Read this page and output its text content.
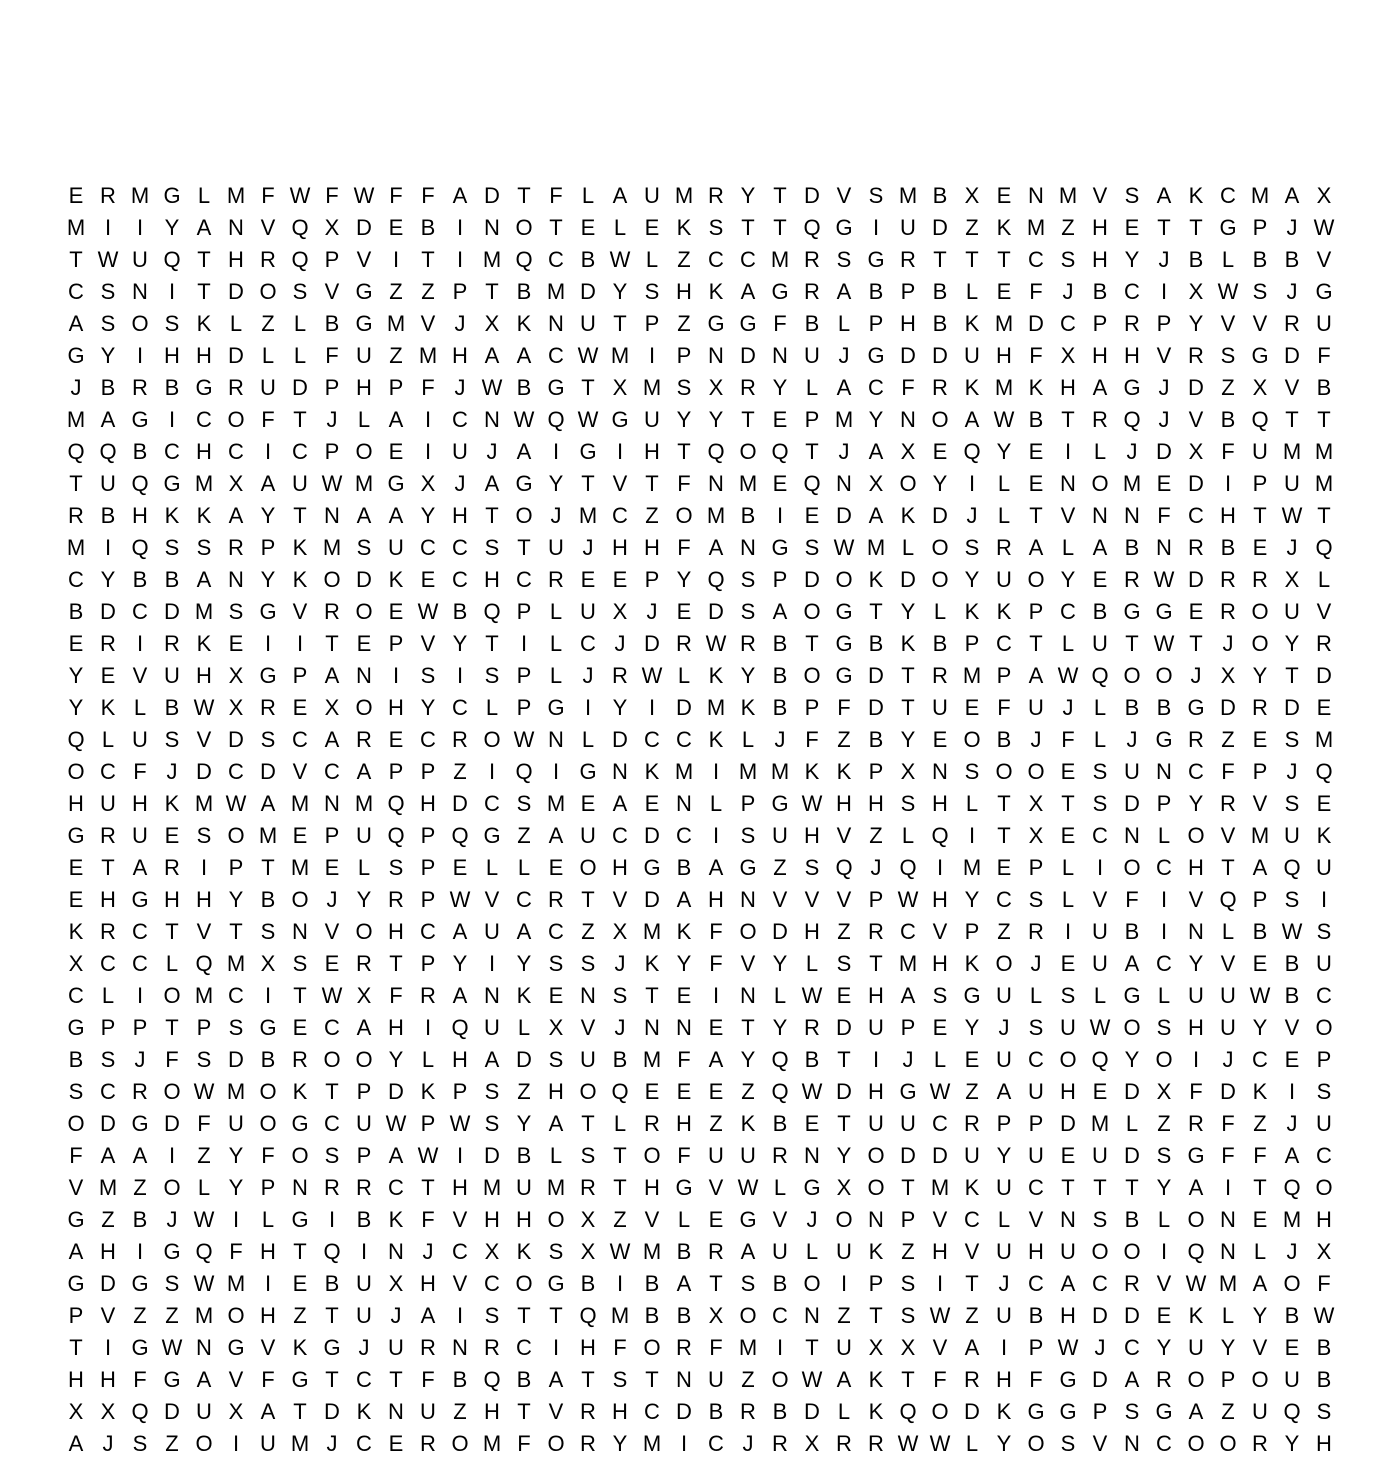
E R M G L M F W F W F F A D T F L A U M R Y T D V S M B X E N M V S A K C M A X
M I	I Y A N V Q X D E B I N O T E L E K S T T Q G I U D Z K M Z H E T T G P J W
T W U Q T H R Q P V I	T	I M Q C B W L Z C C M R S G R T T T C S H Y J B L B B V
C S N I	T D O S V G Z Z P T B M D Y S H K A G R A B P B L E F J B C I X W S J G
A S O S K L Z L B G M V J X K N U T P Z G G F B L P H B K M D C P R P Y V V R U
G Y I H H D L L F U Z M H A A C W M I P N D N U J G D D U H F X H H V R S G D F
J B R B G R U D P H P F J W B G T X M S X R Y L A C F R K M K H A G J D Z X V B
M A G I C O F T J L A I C N W Q W G U Y Y T E P M Y N O A W B T R Q J V B Q T T
Q Q B C H C I C P O E I U J A I G I H T Q O Q T J A X E Q Y E I	L J D X F U M M
T U Q G M X A U W M G X J A G Y T V T F N M E Q N X O Y I	L E N O M E D I P U M
R B H K K A Y T N A A Y H T O J M C Z O M B I E D A K D J L T V N N F C H T W T
M I Q S S R P K M S U C C S T U J H H F A N G S W M L O S R A L A B N R B E J Q
C Y B B A N Y K O D K E C H C R E E P Y Q S P D O K D O Y U O Y E R W D R R X L
B D C D M S G V R O E W B Q P L U X J E D S A O G T Y L K K P C B G G E R O U V
E R I R K E I	I	T E P V Y T	I	L C J D R W R B T G B K B P C T L U T W T J O Y R
Y E V U H X G P A N I S I S P L J R W L K Y B O G D T R M P A W Q O O J X Y T D
Y K L B W X R E X O H Y C L P G I Y I D M K B P F D T U E F U J L B B G D R D E
Q L U S V D S C A R E C R O W N L D C C K L J F Z B Y E O B J F L J G R Z E S M
O C F J D C D V C A P P Z	I Q I G N K M I M M K K P X N S O O E S U N C F P J Q
H U H K M W A M N M Q H D C S M E A E N L P G W H H S H L T X T S D P Y R V S E
G R U E S O M E P U Q P Q G Z A U C D C I S U H V Z L Q I	T X E C N L O V M U K
E T A R I P T M E L S P E L L E O H G B A G Z S Q J Q I M E P L	I O C H T A Q U
E H G H H Y B O J Y R P W V C R T V D A H N V V V P W H Y C S L V F	I V Q P S I
K R C T V T S N V O H C A U A C Z X M K F O D H Z R C V P Z R I U B I N L B W S
X C C L Q M X S E R T P Y I Y S S J K Y F V Y L S T M H K O J E U A C Y V E B U
C L	I O M C I	T W X F R A N K E N S T E I N L W E H A S G U L S L G L U U W B C
G P P T P S G E C A H I Q U L X V J N N E T Y R D U P E Y J S U W O S H U Y V O
B S J F S D B R O O Y L H A D S U B M F A Y Q B T	I	J L E U C O Q Y O I	J C E P
S C R O W M O K T P D K P S Z H O Q E E E Z Q W D H G W Z A U H E D X F D K I S
O D G D F U O G C U W P W S Y A T L R H Z K B E T U U C R P P D M L Z R F Z J U
F A A I	Z Y F O S P A W I D B L S T O F U U R N Y O D D U Y U E U D S G F F A C
V M Z O L Y P N R R C T H M U M R T H G V W L G X O T M K U C T T T Y A I	T Q O
G Z B J W I	L G I B K F V H H O X Z V L E G V J O N P V C L V N S B L O N E M H
A H I G Q F H T Q I N J C X K S X W M B R A U L U K Z H V U H U O O I Q N L J X
G D G S W M I E B U X H V C O G B I B A T S B O I P S I	T J C A C R V W M A O F
P V Z Z M O H Z T U J A I S T T Q M B B X O C N Z T S W Z U B H D D E K L Y B W
T	I G W N G V K G J U R N R C I H F O R F M I	T U X X V A I P W J C Y U Y V E B
H H F G A V F G T C T F B Q B A T S T N U Z O W A K T F R H F G D A R O P O U B
X X Q D U X A T D K N U Z H T V R H C D B R B D L K Q O D K G G P S G A Z U Q S
A J S Z O I U M J C E R O M F O R Y M I C J R X R R W W L Y O S V N C O O R Y H
